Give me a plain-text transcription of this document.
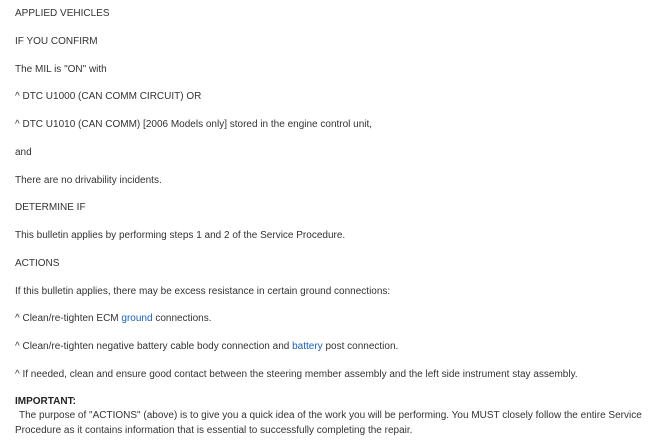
APPLIED VEHICLES
IF YOU CONFIRM
The MIL is "ON" with
^ DTC U1000 (CAN COMM CIRCUIT) OR
^ DTC U1010 (CAN COMM) [2006 Models only] stored in the engine control unit,
and
There are no drivability incidents.
DETERMINE IF
This bulletin applies by performing steps 1 and 2 of the Service Procedure.
ACTIONS
If this bulletin applies, there may be excess resistance in certain ground connections:
^ Clean/re-tighten ECM ground connections.
^ Clean/re-tighten negative battery cable body connection and battery post connection.
^ If needed, clean and ensure good contact between the steering member assembly and the left side instrument stay assembly.
IMPORTANT:
The purpose of "ACTIONS" (above) is to give you a quick idea of the work you will be performing. You MUST closely follow the entire Service Procedure as it contains information that is essential to successfully completing the repair.
